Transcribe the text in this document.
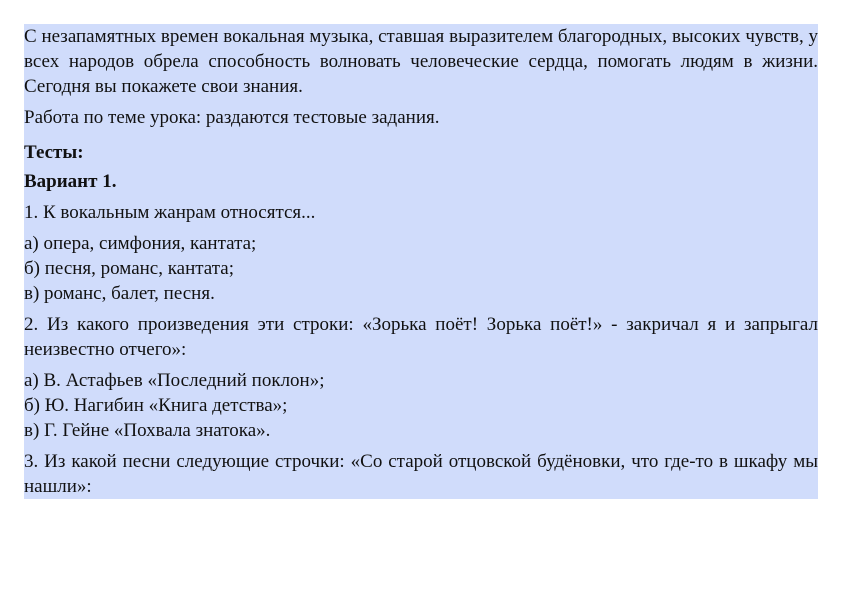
С незапамятных времен вокальная музыка, ставшая выразителем благородных, высоких чувств, у всех народов обрела способность волновать человеческие сердца, помогать людям в жизни. Сегодня вы покажете свои знания.

Работа по теме урока: раздаются тестовые задания.

Тесты:

Вариант 1.

1. К вокальным жанрам относятся...

а) опера, симфония, кантата;
б) песня, романс, кантата;
в) романс, балет, песня.

2. Из какого произведения эти строки: «Зорька поёт! Зорька поёт!» - закричал я и запрыгал неизвестно отчего»:

а) В. Астафьев «Последний поклон»;
б) Ю. Нагибин «Книга детства»;
в) Г. Гейне «Похвала знатока».

3. Из какой песни следующие строчки: «Со старой отцовской будёновки, что где-то в шкафу мы нашли»:
